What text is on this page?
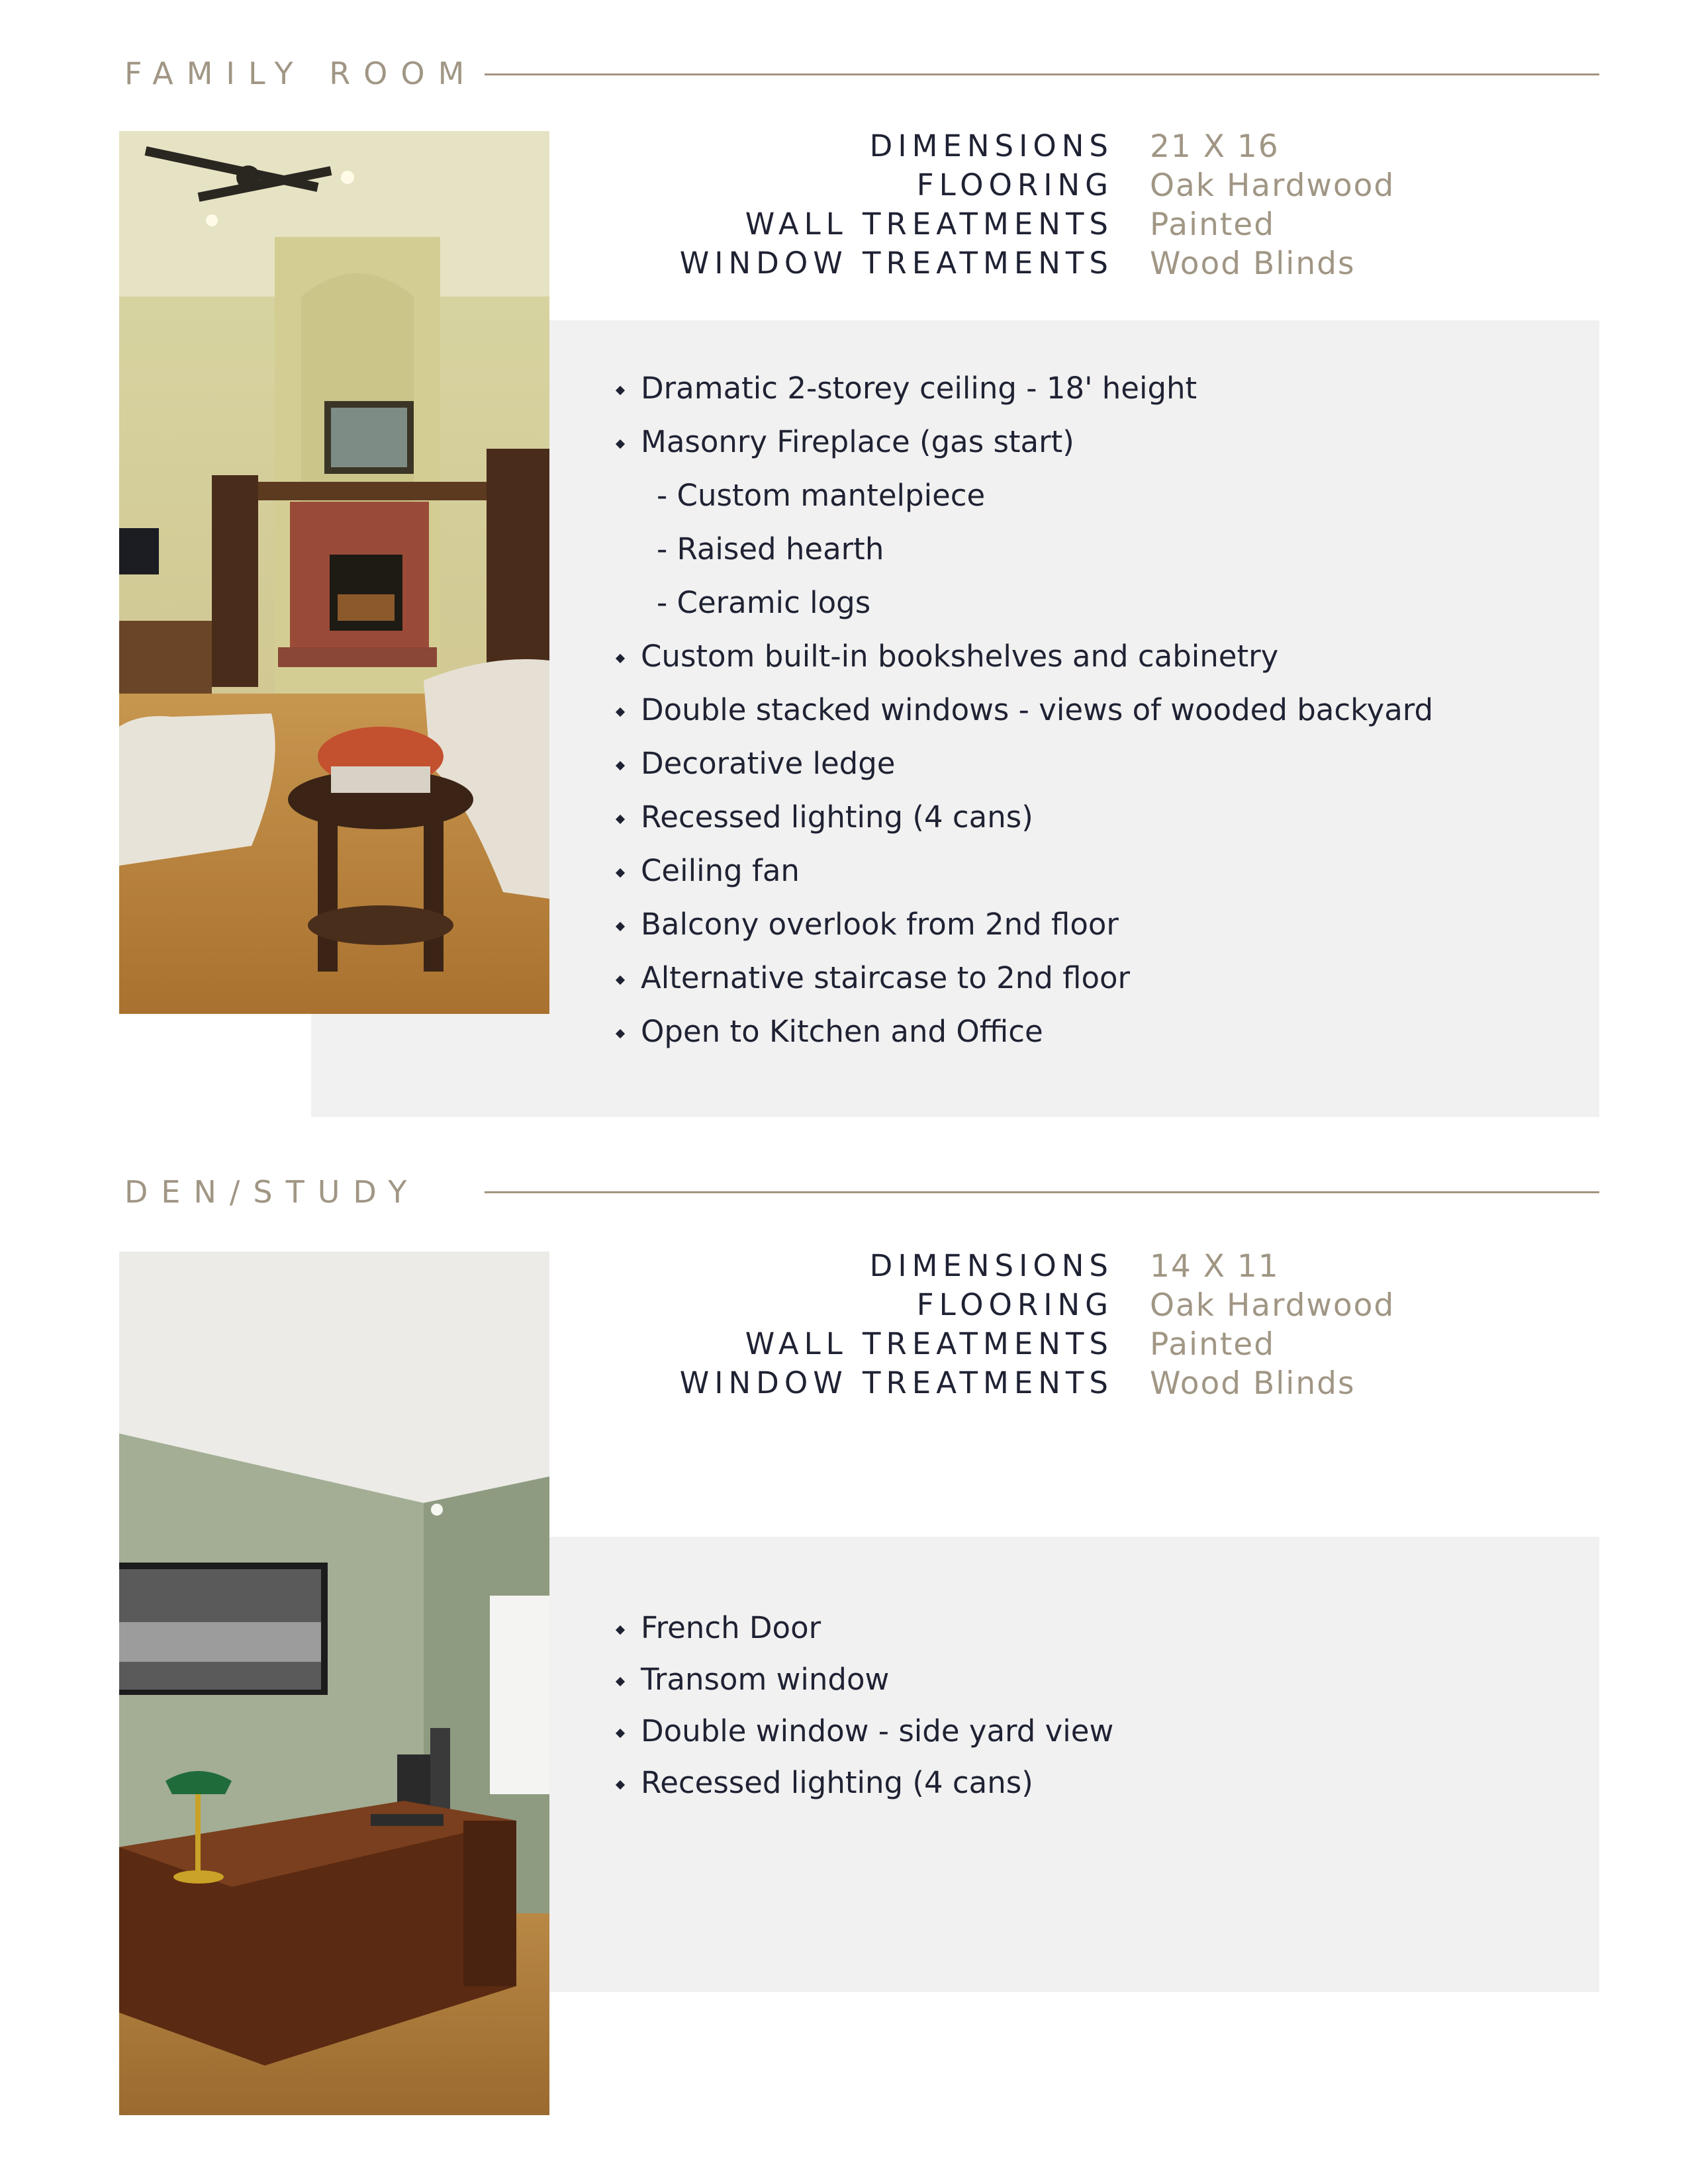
FAMILY ROOM
DIMENSIONS 21 X 16
FLOORING Oak Hardwood
WALL TREATMENTS Painted
WINDOW TREATMENTS Wood Blinds
Dramatic 2-storey ceiling - 18' height
Masonry Fireplace (gas start)
- Custom mantelpiece
- Raised hearth
- Ceramic logs
Custom built-in bookshelves and cabinetry
Double stacked windows - views of wooded backyard
Decorative ledge
Recessed lighting (4 cans)
Ceiling fan
Balcony overlook from 2nd floor
Alternative staircase to 2nd floor
Open to Kitchen and Office
DEN/STUDY
DIMENSIONS 14 X 11
FLOORING Oak Hardwood
WALL TREATMENTS Painted
WINDOW TREATMENTS Wood Blinds
French Door
Transom window
Double window - side yard view
Recessed lighting (4 cans)
